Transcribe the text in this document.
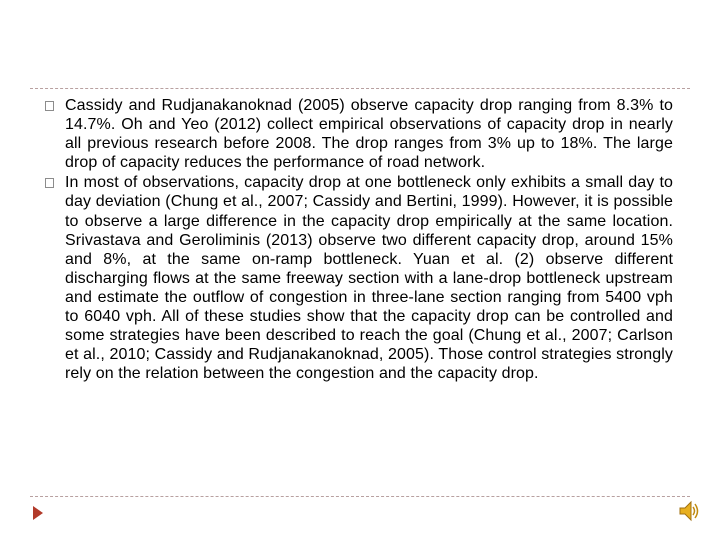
Cassidy and Rudjanakanoknad (2005) observe capacity drop ranging from 8.3% to 14.7%. Oh and Yeo (2012) collect empirical observations of capacity drop in nearly all previous research before 2008. The drop ranges from 3% up to 18%. The large drop of capacity reduces the performance of road network.
In most of observations, capacity drop at one bottleneck only exhibits a small day to day deviation (Chung et al., 2007; Cassidy and Bertini, 1999). However, it is possible to observe a large difference in the capacity drop empirically at the same location. Srivastava and Geroliminis (2013) observe two different capacity drop, around 15% and 8%, at the same on-ramp bottleneck. Yuan et al. (2) observe different discharging flows at the same freeway section with a lane-drop bottleneck upstream and estimate the outflow of congestion in three-lane section ranging from 5400 vph to 6040 vph. All of these studies show that the capacity drop can be controlled and some strategies have been described to reach the goal (Chung et al., 2007; Carlson et al., 2010; Cassidy and Rudjanakanoknad, 2005). Those control strategies strongly rely on the relation between the congestion and the capacity drop.
